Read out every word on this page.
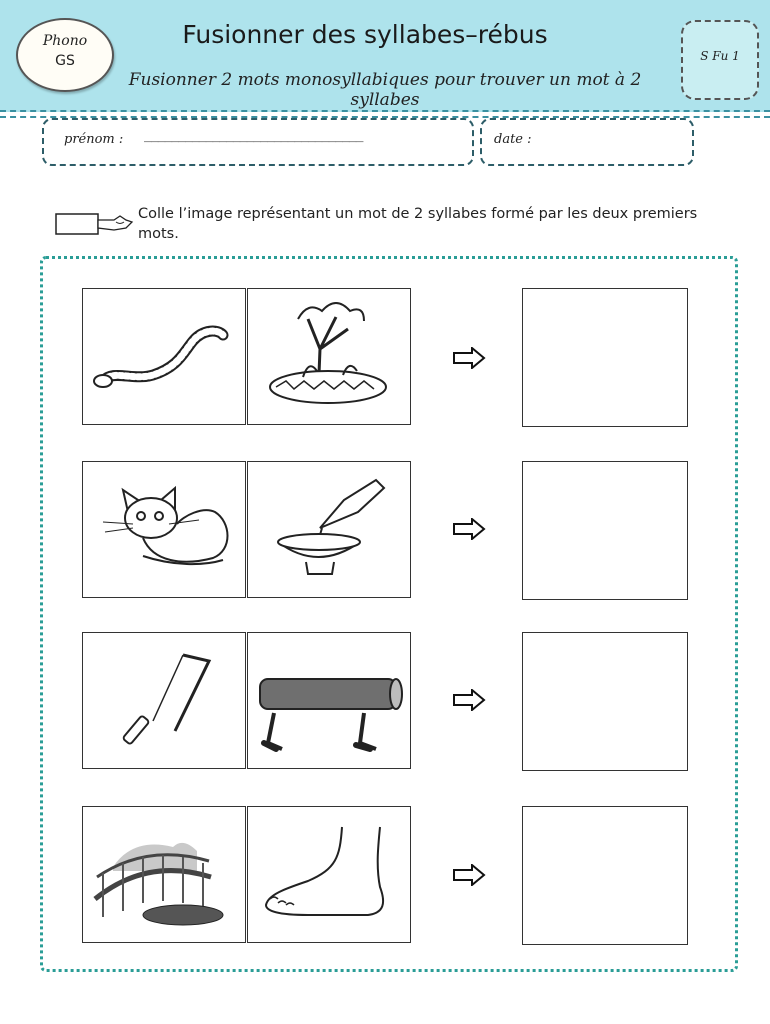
Phono
GS
Fusionner des syllabes–rébus
Fusionner 2 mots monosyllabiques pour trouver un mot à 2 syllabes
S Fu 1
prénom : ________________________________	date :
Colle l’image représentant un mot de 2 syllabes formé par les deux premiers mots.
